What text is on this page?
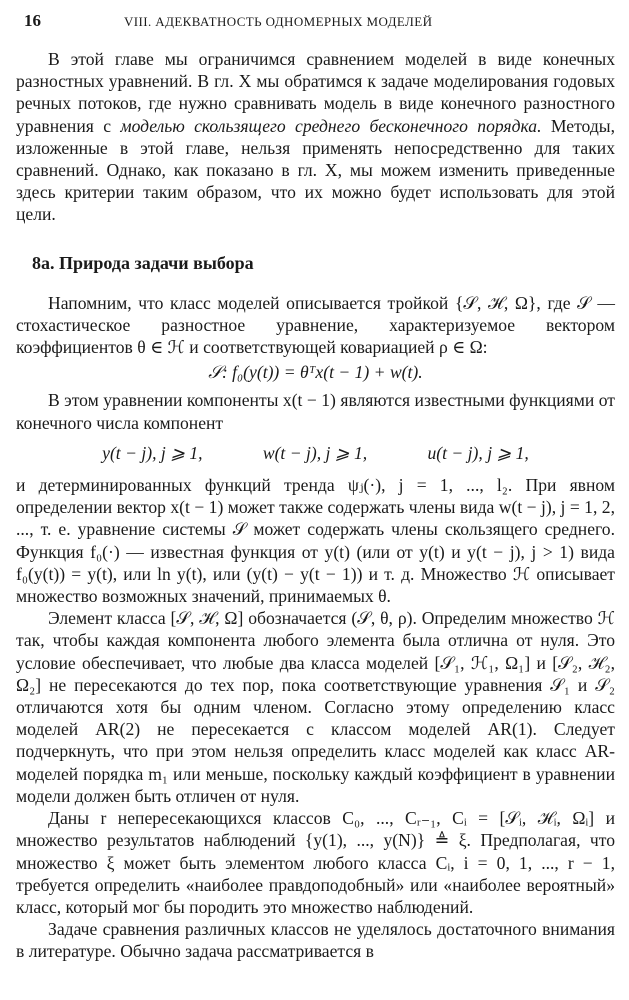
16	VIII. АДЕКВАТНОСТЬ ОДНОМЕРНЫХ МОДЕЛЕЙ

В этой главе мы ограничимся сравнением моделей в виде конечных разностных уравнений. В гл. X мы обратимся к задаче моделирования годовых речных потоков, где нужно сравнивать модель в виде конечного разностного уравнения с моделью скользящего среднего бесконечного порядка. Методы, изложенные в этой главе, нельзя применять непосредственно для таких сравнений. Однако, как показано в гл. X, мы можем изменить приведенные здесь критерии таким образом, что их можно будет использовать для этой цели.

8а. Природа задачи выбора

Напомним, что класс моделей описывается тройкой {𝒮, ℋ, Ω}, где 𝒮 — стохастическое разностное уравнение, характеризуемое вектором коэффициентов θ ∈ ℋ и соответствующей ковариацией ρ ∈ Ω:

𝒮: f₀(y(t)) = θᵀx(t − 1) + w(t).

В этом уравнении компоненты x(t − 1) являются известными функциями от конечного числа компонент

y(t − j), j ⩾ 1,	w(t − j), j ⩾ 1,	u(t − j), j ⩾ 1,

и детерминированных функций тренда ψⱼ(·), j = 1, ..., l₂. При явном определении вектор x(t − 1) может также содержать члены вида w(t − j), j = 1, 2, ..., т. е. уравнение системы 𝒮 может содержать члены скользящего среднего. Функция f₀(·) — известная функция от y(t) (или от y(t) и y(t − j), j > 1) вида f₀(y(t)) = y(t), или ln y(t), или (y(t) − y(t − 1)) и т. д. Множество ℋ описывает множество возможных значений, принимаемых θ.

Элемент класса [𝒮, ℋ, Ω] обозначается (𝒮, θ, ρ). Определим множество ℋ так, чтобы каждая компонента любого элемента была отлична от нуля. Это условие обеспечивает, что любые два класса моделей [𝒮₁, ℋ₁, Ω₁] и [𝒮₂, ℋ₂, Ω₂] не пересекаются до тех пор, пока соответствующие уравнения 𝒮₁ и 𝒮₂ отличаются хотя бы одним членом. Согласно этому определению класс моделей AR(2) не пересекается с классом моделей AR(1). Следует подчеркнуть, что при этом нельзя определить класс моделей как класс AR-моделей порядка m₁ или меньше, поскольку каждый коэффициент в уравнении модели должен быть отличен от нуля.

Даны r непересекающихся классов C₀, ..., Cᵣ₋₁, Cᵢ = [𝒮ᵢ, ℋᵢ, Ωᵢ] и множество результатов наблюдений {y(1), ..., y(N)} ≜ ξ. Предполагая, что множество ξ может быть элементом любого класса Cᵢ, i = 0, 1, ..., r − 1, требуется определить «наиболее правдоподобный» или «наиболее вероятный» класс, который мог бы породить это множество наблюдений.

Задаче сравнения различных классов не уделялось достаточного внимания в литературе. Обычно задача рассматривается в
